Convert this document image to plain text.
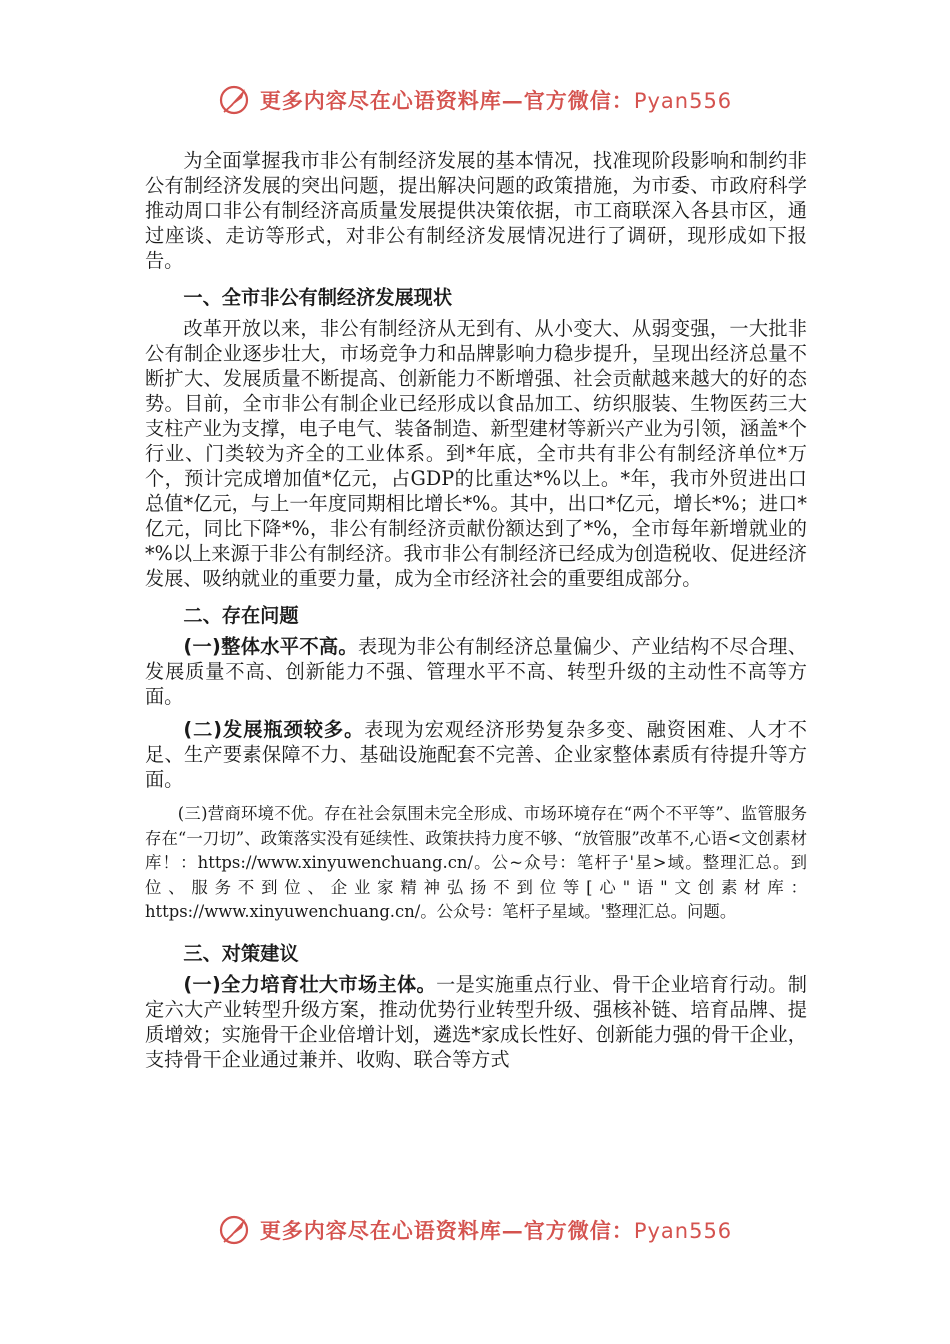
更多内容尽在心语资料库—官方微信：Pyan556

为全面掌握我市非公有制经济发展的基本情况，找准现阶段影响和制约非公有制经济发展的突出问题，提出解决问题的政策措施，为市委、市政府科学推动周口非公有制经济高质量发展提供决策依据，市工商联深入各县市区，通过座谈、走访等形式，对非公有制经济发展情况进行了调研，现形成如下报告。

一、全市非公有制经济发展现状

改革开放以来，非公有制经济从无到有、从小变大、从弱变强，一大批非公有制企业逐步壮大，市场竞争力和品牌影响力稳步提升，呈现出经济总量不断扩大、发展质量不断提高、创新能力不断增强、社会贡献越来越大的好的态势。目前，全市非公有制企业已经形成以食品加工、纺织服装、生物医药三大支柱产业为支撑，电子电气、装备制造、新型建材等新兴产业为引领，涵盖*个行业、门类较为齐全的工业体系。到*年底，全市共有非公有制经济单位*万个，预计完成增加值*亿元，占GDP的比重达*%以上。*年，我市外贸进出口总值*亿元，与上一年度同期相比增长*%。其中，出口*亿元，增长*%；进口*亿元，同比下降*%，非公有制经济贡献份额达到了*%，全市每年新增就业的*%以上来源于非公有制经济。我市非公有制经济已经成为创造税收、促进经济发展、吸纳就业的重要力量，成为全市经济社会的重要组成部分。

二、存在问题

(一)整体水平不高。表现为非公有制经济总量偏少、产业结构不尽合理、发展质量不高、创新能力不强、管理水平不高、转型升级的主动性不高等方面。

(二)发展瓶颈较多。表现为宏观经济形势复杂多变、融资困难、人才不足、生产要素保障不力、基础设施配套不完善、企业家整体素质有待提升等方面。

(三)营商环境不优。存在社会氛围未完全形成、市场环境存在“两个不平等”、监管服务存在“一刀切”、政策落实没有延续性、政策扶持力度不够、“放管服”改革不,心语<文创素材库！：https://www.xinyuwenchuang.cn/。公~众号：笔杆子'星>域。整理汇总。到位、服务不到位、企业家精神弘扬不到位等[心"语"文创素材库：https://www.xinyuwenchuang.cn/。公众号：笔杆子星域。'整理汇总。问题。

三、对策建议

(一)全力培育壮大市场主体。一是实施重点行业、骨干企业培育行动。制定六大产业转型升级方案，推动优势行业转型升级、强核补链、培育品牌、提质增效；实施骨干企业倍增计划，遴选*家成长性好、创新能力强的骨干企业，支持骨干企业通过兼并、收购、联合等方式

更多内容尽在心语资料库—官方微信：Pyan556
